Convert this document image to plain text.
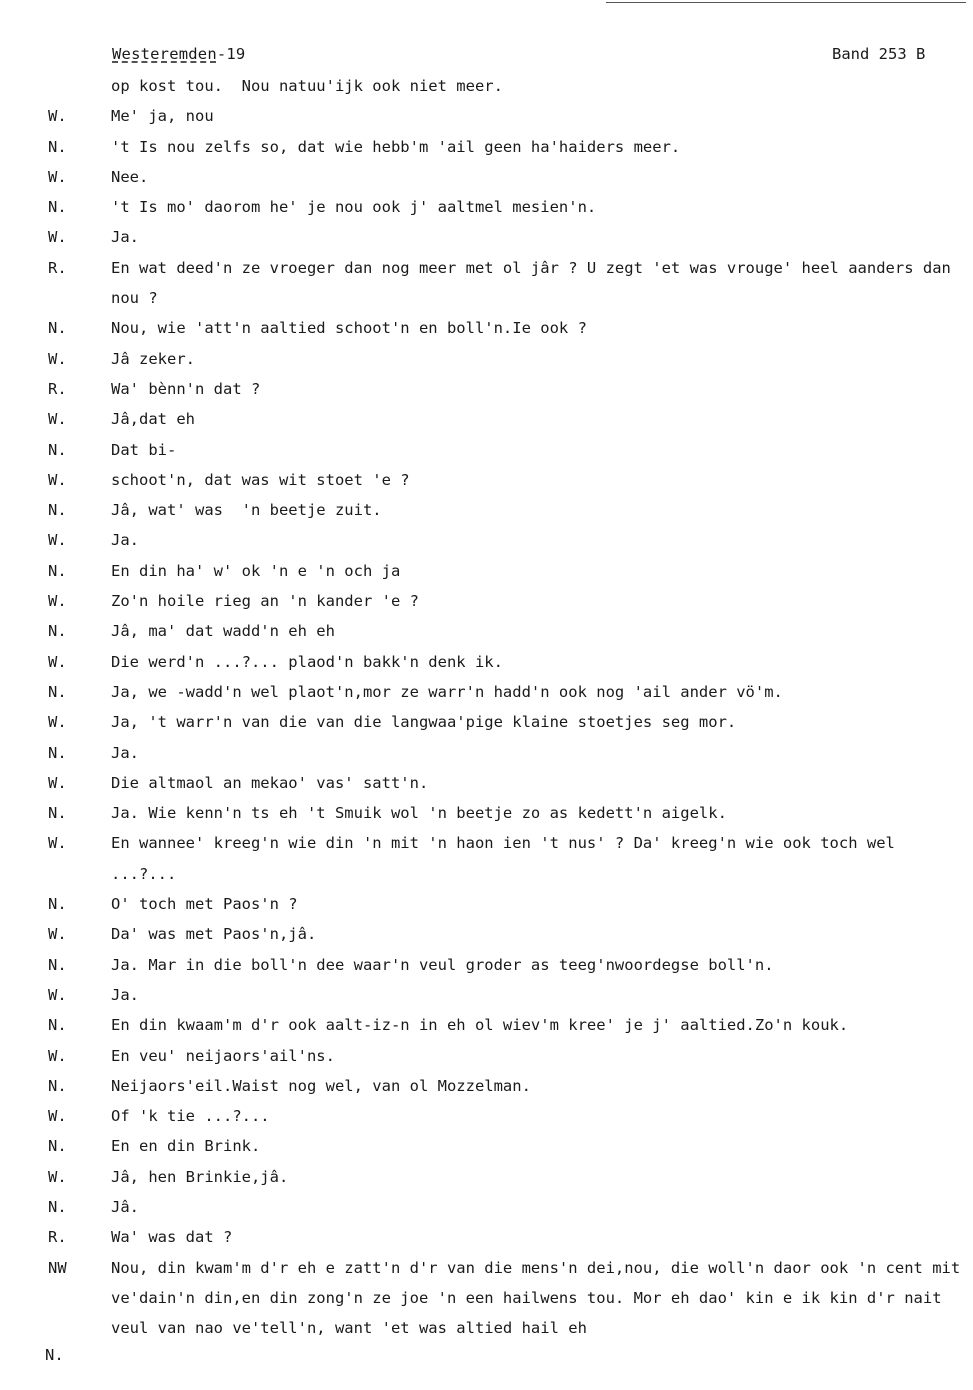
Westeremden-19	Band 253 B
op kost tou.  Nou natuu'ijk ook niet meer.
W.	Me' ja, nou
N.	't Is nou zelfs so, dat wie hebb'm 'ail geen ha'haiders meer.
W.	Nee.
N.	't Is mo' daorom he' je nou ook j' aaltmel mesien'n.
W.	Ja.
R.	En wat deed'n ze vroeger dan nog meer met ol jâr ? U zegt 'et was vrouge' heel aanders dan nou ?
N.	Nou, wie 'att'n aaltied schoot'n en boll'n.Ie ook ?
W.	Jâ zeker.
R.	Wa' bènn'n dat ?
W.	Jâ,dat eh
N.	Dat bi-
W.	schoot'n, dat was wit stoet 'e ?
N.	Jâ, wat' was  'n beetje zuit.
W.	Ja.
N.	En din ha' w' ok 'n e 'n och ja
W.	Zo'n hoile rieg an 'n kander 'e ?
N.	Jâ, ma' dat wadd'n eh eh
W.	Die werd'n ...?... plaod'n bakk'n denk ik.
N.	Ja, we -wadd'n wel plaot'n,mor ze warr'n hadd'n ook nog 'ail ander vö'm.
W.	Ja, 't warr'n van die van die langwaa'pige klaine stoetjes seg mor.
N.	Ja.
W.	Die altmaol an mekao' vas' satt'n.
N.	Ja. Wie kenn'n ts eh 't Smuik wol 'n beetje zo as kedett'n aigelk.
W.	En wannee' kreeg'n wie din 'n mit 'n haon ien 't nus' ? Da' kreeg'n wie ook toch wel ...?...
N.	O' toch met Paos'n ?
W.	Da' was met Paos'n,jâ.
N.	Ja. Mar in die boll'n dee waar'n veul groder as teeg'nwoordegse boll'n.
W.	Ja.
N.	En din kwaam'm d'r ook aalt-iz-n in eh ol wiev'm kree' je j' aaltied.Zo'n kouk.
W.	En veu' neijaors'ail'ns.
N.	Neijaors'eil.Waist nog wel, van ol Mozzelman.
W.	Of 'k tie ...?...
N.	En en din Brink.
W.	Jâ, hen Brinkie,jâ.
N.	Jâ.
R.	Wa' was dat ?
NW	Nou, din kwam'm d'r eh e zatt'n d'r van die mens'n dei,nou, die woll'n daor ook 'n cent mit ve'dain'n din,en din zong'n ze joe 'n een hailwens tou. Mor eh dao' kin e ik kin d'r nait veul van nao ve'tell'n, want 'et was altied hail eh
N.
